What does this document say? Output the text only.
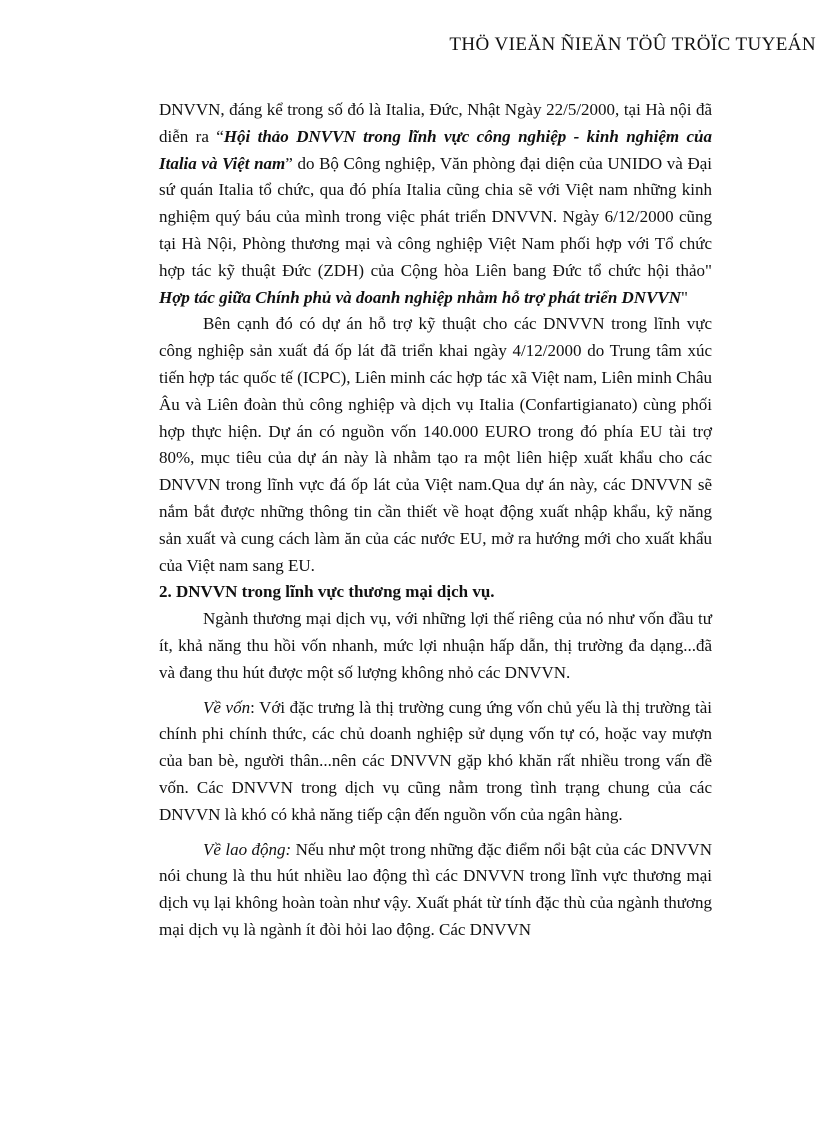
THÖ VIEÄN ÑIEÄN TÖÛ TRÖÏC TUYEÁN

DNVVN, đáng kể trong số đó là Italia, Đức, Nhật Ngày 22/5/2000, tại Hà nội đã diễn ra “Hội thảo DNVVN trong lĩnh vực công nghiệp - kinh nghiệm của Italia và Việt nam” do Bộ Công nghiệp, Văn phòng đại diện của UNIDO và Đại sứ quán Italia tổ chức, qua đó phía Italia cũng chia sẽ với Việt nam những kinh nghiệm quý báu của mình trong việc phát triển DNVVN. Ngày 6/12/2000 cũng tại Hà Nội, Phòng thương mại và công nghiệp Việt Nam phối hợp với Tổ chức hợp tác kỹ thuật Đức (ZDH) của Cộng hòa Liên bang Đức tổ chức hội thảo" Hợp tác giữa Chính phủ và doanh nghiệp nhằm hỗ trợ phát triển DNVVN"

Bên cạnh đó có dự án hỗ trợ kỹ thuật cho các DNVVN trong lĩnh vực công nghiệp sản xuất đá ốp lát đã triển khai ngày 4/12/2000 do Trung tâm xúc tiến hợp tác quốc tế (ICPC), Liên minh các hợp tác xã Việt nam, Liên minh Châu Âu và Liên đoàn thủ công nghiệp và dịch vụ Italia (Confartigianato) cùng phối hợp thực hiện. Dự án có nguồn vốn 140.000 EURO trong đó phía EU tài trợ 80%, mục tiêu của dự án này là nhằm tạo ra một liên hiệp xuất khẩu cho các DNVVN trong lĩnh vực đá ốp lát của Việt nam.Qua dự án này, các DNVVN sẽ nắm bắt được những thông tin cần thiết về hoạt động xuất nhập khẩu, kỹ năng sản xuất và cung cách làm ăn của các nước EU, mở ra hướng mới cho xuất khẩu của Việt nam sang EU.

2. DNVVN trong lĩnh vực thương mại dịch vụ.

Ngành thương mại dịch vụ, với những lợi thế riêng của nó như vốn đầu tư ít, khả năng thu hồi vốn nhanh, mức lợi nhuận hấp dẫn, thị trường đa dạng...đã và đang thu hút được một số lượng không nhỏ các DNVVN.

Về vốn: Với đặc trưng là thị trường cung ứng vốn chủ yếu là thị trường tài chính phi chính thức, các chủ doanh nghiệp sử dụng vốn tự có, hoặc vay mượn của ban bè, người thân...nên các DNVVN gặp khó khăn rất nhiều trong vấn đề vốn. Các DNVVN trong dịch vụ cũng nằm trong tình trạng chung của các DNVVN là khó có khả năng tiếp cận đến nguồn vốn của ngân hàng.

Về lao động: Nếu như một trong những đặc điểm nổi bật của các DNVVN nói chung là thu hút nhiều lao động thì các DNVVN trong lĩnh vực thương mại dịch vụ lại không hoàn toàn như vậy. Xuất phát từ tính đặc thù của ngành thương mại dịch vụ là ngành ít đòi hỏi lao động. Các DNVVN
